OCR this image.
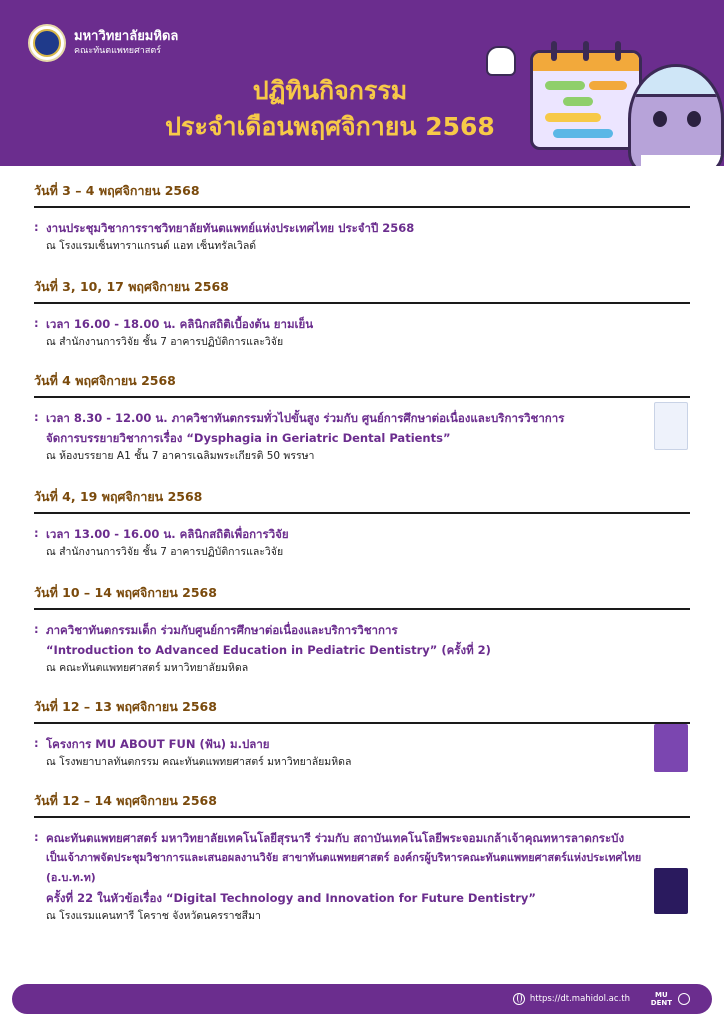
มหาวิทยาลัยมหิดล
คณะทันตแพทยศาสตร์
ปฏิทินกิจกรรม
ประจำเดือนพฤศจิกายน 2568
วันที่ 3 – 4 พฤศจิกายน 2568
: งานประชุมวิชาการราชวิทยาลัยทันตแพทย์แห่งประเทศไทย ประจำปี 2568
ณ โรงแรมเซ็นทาราแกรนด์ แอท เซ็นทรัลเวิลด์
วันที่ 3, 10, 17 พฤศจิกายน 2568
: เวลา 16.00 - 18.00 น. คลินิกสถิติเบื้องต้น ยามเย็น
ณ สำนักงานการวิจัย ชั้น 7 อาคารปฏิบัติการและวิจัย
วันที่ 4 พฤศจิกายน 2568
: เวลา 8.30 - 12.00 น. ภาควิชาทันตกรรมทั่วไปขั้นสูง ร่วมกับ ศูนย์การศึกษาต่อเนื่องและบริการวิชาการ
จัดการบรรยายวิชาการเรื่อง “Dysphagia in Geriatric Dental Patients”
ณ ห้องบรรยาย A1 ชั้น 7 อาคารเฉลิมพระเกียรติ 50 พรรษา
วันที่ 4, 19 พฤศจิกายน 2568
: เวลา 13.00 - 16.00 น. คลินิกสถิติเพื่อการวิจัย
ณ สำนักงานการวิจัย ชั้น 7 อาคารปฏิบัติการและวิจัย
วันที่ 10 – 14 พฤศจิกายน 2568
: ภาควิชาทันตกรรมเด็ก ร่วมกับศูนย์การศึกษาต่อเนื่องและบริการวิชาการ
“Introduction to Advanced Education in Pediatric Dentistry” (ครั้งที่ 2)
ณ คณะทันตแพทยศาสตร์ มหาวิทยาลัยมหิดล
วันที่ 12 – 13 พฤศจิกายน 2568
: โครงการ MU ABOUT FUN (ฟัน) ม.ปลาย
ณ โรงพยาบาลทันตกรรม คณะทันตแพทยศาสตร์ มหาวิทยาลัยมหิดล
วันที่ 12 – 14 พฤศจิกายน 2568
: คณะทันตแพทยศาสตร์ มหาวิทยาลัยเทคโนโลยีสุรนารี ร่วมกับ สถาบันเทคโนโลยีพระจอมเกล้าเจ้าคุณทหารลาดกระบัง
เป็นเจ้าภาพจัดประชุมวิชาการและเสนอผลงานวิจัย สาขาทันตแพทยศาสตร์ องค์กรผู้บริหารคณะทันตแพทยศาสตร์แห่งประเทศไทย (อ.บ.ท.ท)
ครั้งที่ 22 ในหัวข้อเรื่อง “Digital Technology and Innovation for Future Dentistry”
ณ โรงแรมแคนทารี โคราช จังหวัดนครราชสีมา
https://dt.mahidol.ac.th	MU
DENT
